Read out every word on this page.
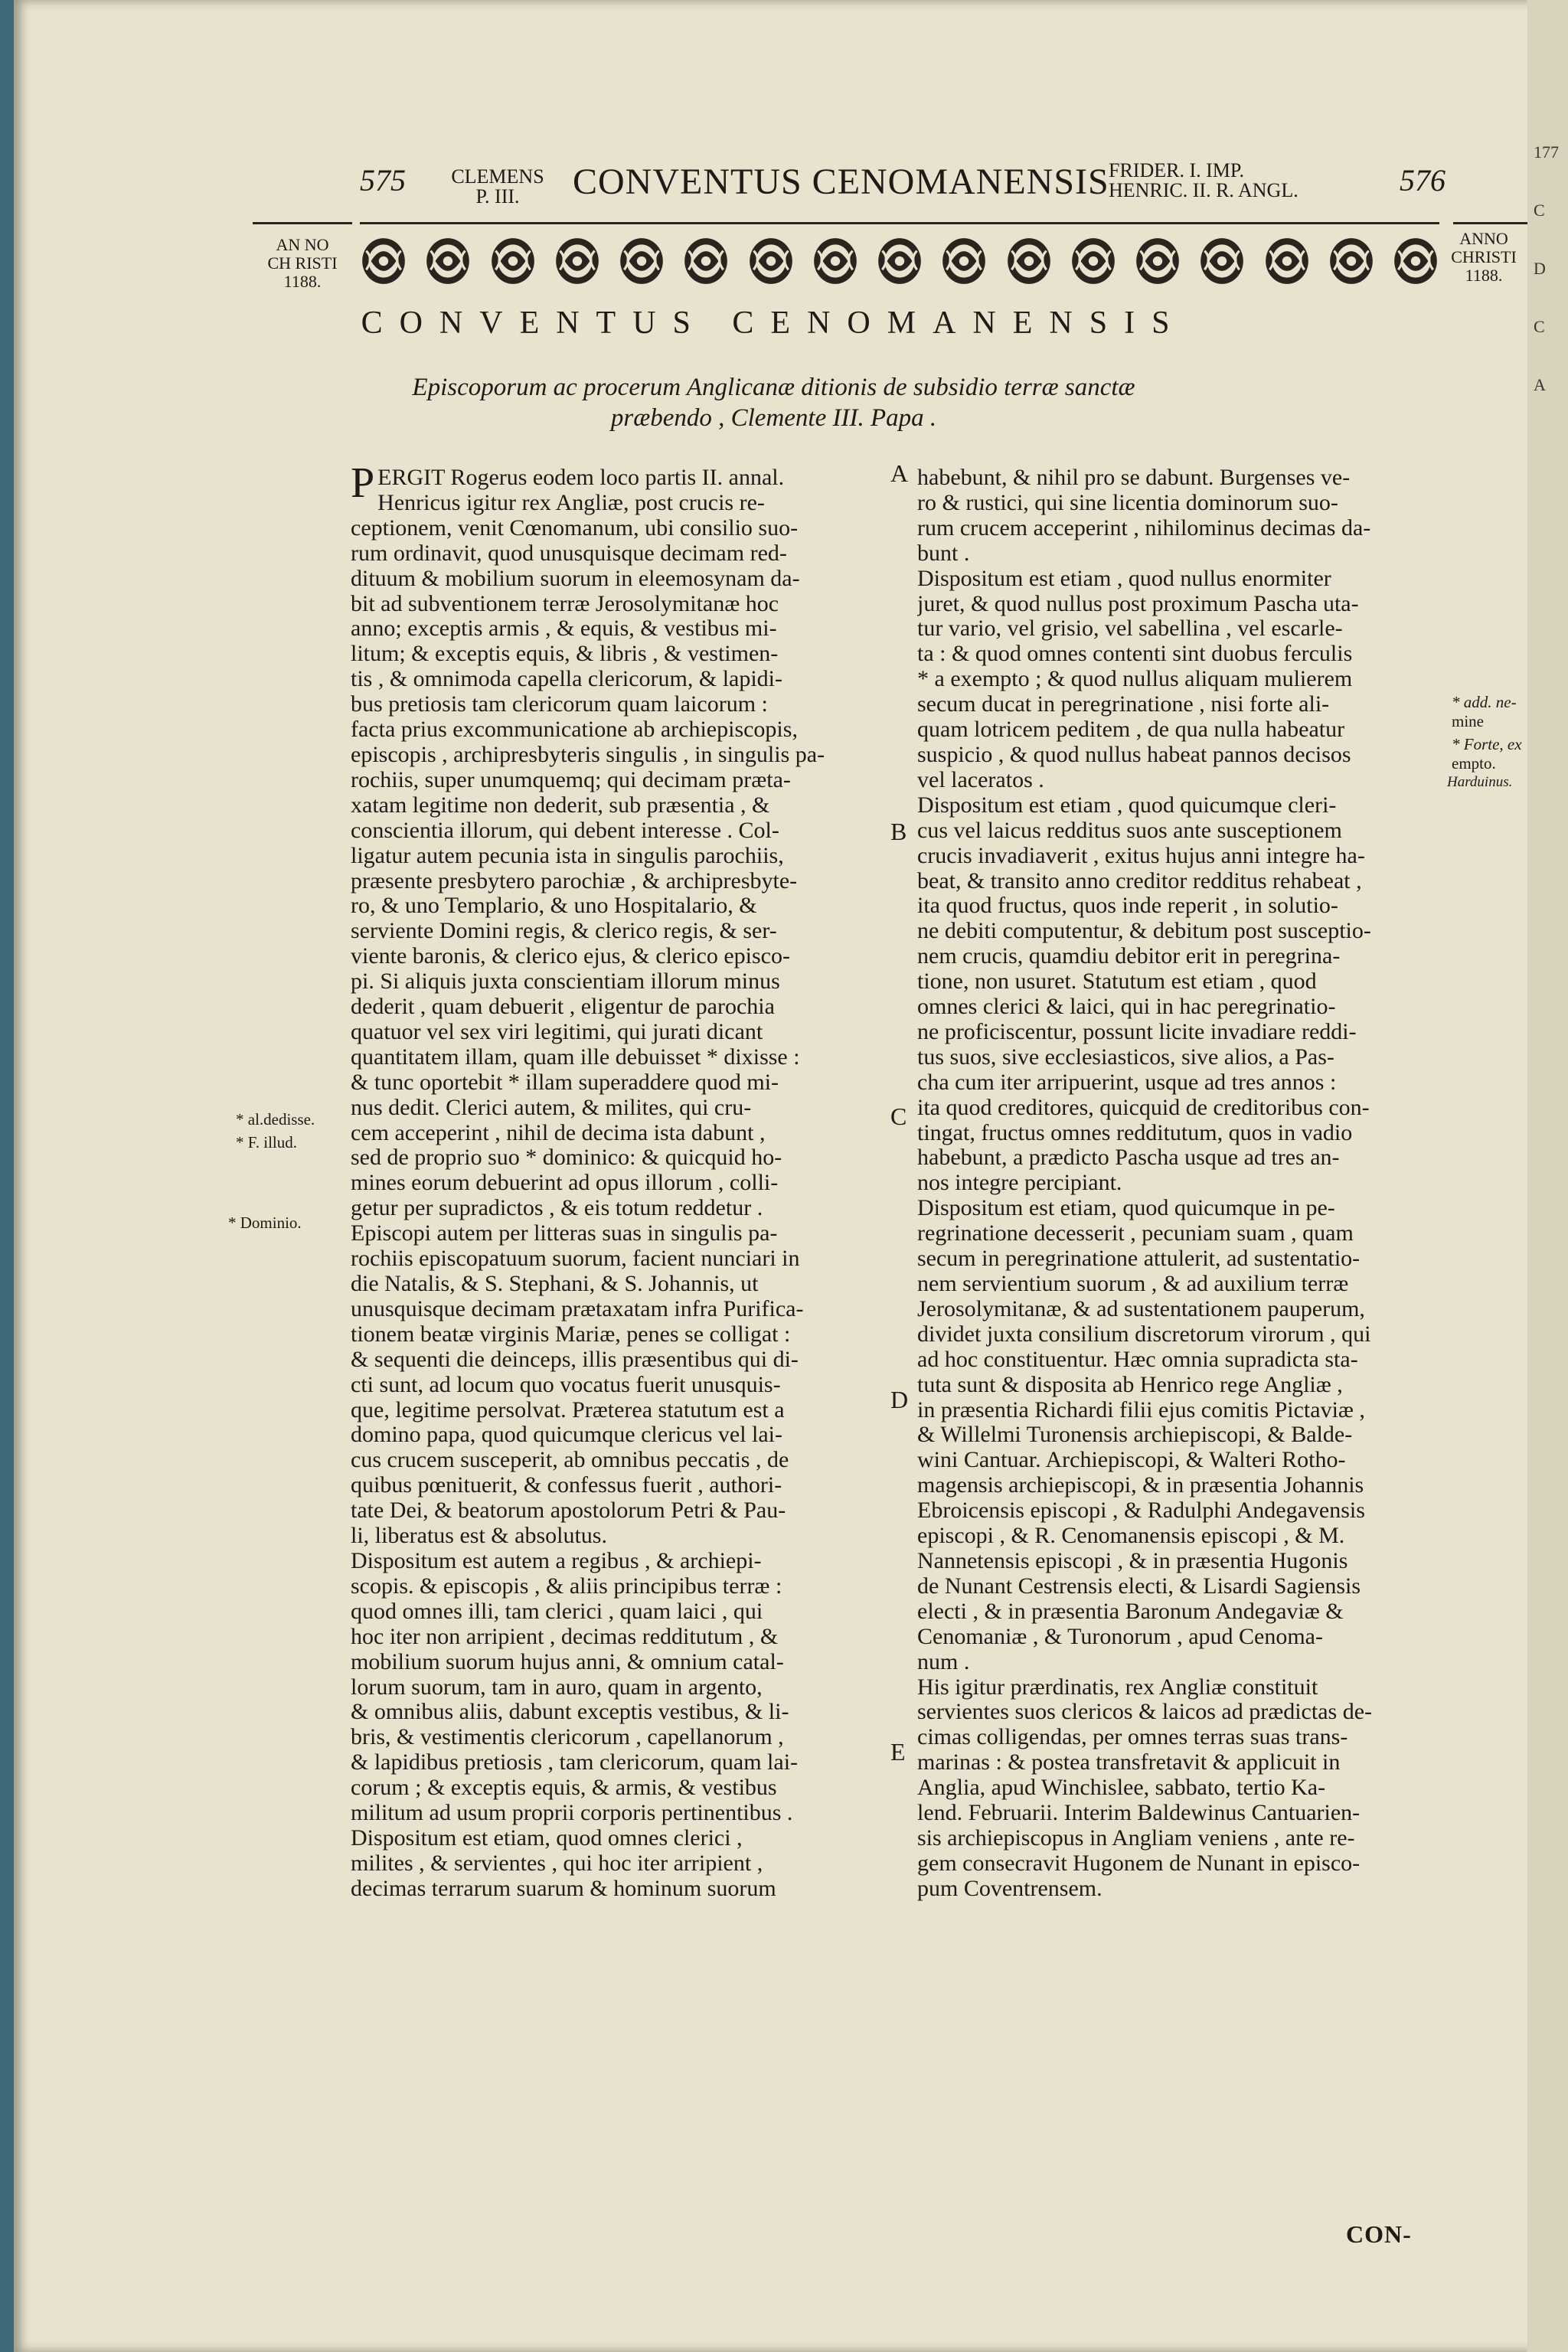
575	CLEMENS
P. III.	CONVENTUS CENOMANENSIS FRIDER. I. IMP.
HENRIC. II. R. ANGL.	576
AN NO
CH RISTI
1188.
ANNO
CHRISTI
1188.
CONVENTUS CENOMANENSIS
Episcoporum ac procerum Anglicanæ ditionis de subsidio terræ sanctæ
præbendo , Clemente III. Papa .
P ERGIT Rogerus eodem loco partis II. annal.
Henricus igitur rex Angliæ, post crucis re-
ceptionem, venit Cœnomanum, ubi consilio suo-
rum ordinavit, quod unusquisque decimam red-
dituum & mobilium suorum in eleemosynam da-
bit ad subventionem terræ Jerosolymitanæ hoc
anno; exceptis armis , & equis, & vestibus mi-
litum; & exceptis equis, & libris , & vestimen-
tis , & omnimoda capella clericorum, & lapidi-
bus pretiosis tam clericorum quam laicorum :
facta prius excommunicatione ab archiepiscopis,
episcopis , archipresbyteris singulis , in singulis pa-
rochiis, super unumquemq; qui decimam præta-
xatam legitime non dederit, sub præsentia , &
conscientia illorum, qui debent interesse . Col-
ligatur autem pecunia ista in singulis parochiis,
præsente presbytero parochiæ , & archipresbyte-
ro, & uno Templario, & uno Hospitalario, &
serviente Domini regis, & clerico regis, & ser-
viente baronis, & clerico ejus, & clerico episco-
pi. Si aliquis juxta conscientiam illorum minus
dederit , quam debuerit , eligentur de parochia
quatuor vel sex viri legitimi, qui jurati dicant
quantitatem illam, quam ille debuisset * dixisse :
& tunc oportebit * illam superaddere quod mi-
nus dedit. Clerici autem, & milites, qui cru-
cem acceperint , nihil de decima ista dabunt ,
sed de proprio suo * dominico: & quicquid ho-
mines eorum debuerint ad opus illorum , colli-
getur per supradictos , & eis totum reddetur .
Episcopi autem per litteras suas in singulis pa-
rochiis episcopatuum suorum, facient nunciari in
die Natalis, & S. Stephani, & S. Johannis, ut
unusquisque decimam prætaxatam infra Purifica-
tionem beatæ virginis Mariæ, penes se colligat :
& sequenti die deinceps, illis præsentibus qui di-
cti sunt, ad locum quo vocatus fuerit unusquis-
que, legitime persolvat. Præterea statutum est a
domino papa, quod quicumque clericus vel lai-
cus crucem susceperit, ab omnibus peccatis , de
quibus pœnituerit, & confessus fuerit , authori-
tate Dei, & beatorum apostolorum Petri & Pau-
li, liberatus est & absolutus.
Dispositum est autem a regibus , & archiepi-
scopis. & episcopis , & aliis principibus terræ :
quod omnes illi, tam clerici , quam laici , qui
hoc iter non arripient , decimas redditutum , &
mobilium suorum hujus anni, & omnium catal-
lorum suorum, tam in auro, quam in argento,
& omnibus aliis, dabunt exceptis vestibus, & li-
bris, & vestimentis clericorum , capellanorum ,
& lapidibus pretiosis , tam clericorum, quam lai-
corum ; & exceptis equis, & armis, & vestibus
militum ad usum proprii corporis pertinentibus .
Dispositum est etiam, quod omnes clerici ,
milites , & servientes , qui hoc iter arripient ,
decimas terrarum suarum & hominum suorum
habebunt, & nihil pro se dabunt. Burgenses ve-
ro & rustici, qui sine licentia dominorum suo-
rum crucem acceperint , nihilominus decimas da-
bunt .
Dispositum est etiam , quod nullus enormiter
juret, & quod nullus post proximum Pascha uta-
tur vario, vel grisio, vel sabellina , vel escarle-
ta : & quod omnes contenti sint duobus ferculis
* a exempto ; & quod nullus aliquam mulierem
secum ducat in peregrinatione , nisi forte ali-
quam lotricem peditem , de qua nulla habeatur
suspicio , & quod nullus habeat pannos decisos
vel laceratos .
Dispositum est etiam , quod quicumque cleri-
cus vel laicus redditus suos ante susceptionem
crucis invadiaverit , exitus hujus anni integre ha-
beat, & transito anno creditor redditus rehabeat ,
ita quod fructus, quos inde reperit , in solutio-
ne debiti computentur, & debitum post susceptio-
nem crucis, quamdiu debitor erit in peregrina-
tione, non usuret. Statutum est etiam , quod
omnes clerici & laici, qui in hac peregrinatio-
ne proficiscentur, possunt licite invadiare reddi-
tus suos, sive ecclesiasticos, sive alios, a Pas-
cha cum iter arripuerint, usque ad tres annos :
ita quod creditores, quicquid de creditoribus con-
tingat, fructus omnes redditutum, quos in vadio
habebunt, a prædicto Pascha usque ad tres an-
nos integre percipiant.
Dispositum est etiam, quod quicumque in pe-
regrinatione decesserit , pecuniam suam , quam
secum in peregrinatione attulerit, ad sustentatio-
nem servientium suorum , & ad auxilium terræ
Jerosolymitanæ, & ad sustentationem pauperum,
dividet juxta consilium discretorum virorum , qui
ad hoc constituentur. Hæc omnia supradicta sta-
tuta sunt & disposita ab Henrico rege Angliæ ,
in præsentia Richardi filii ejus comitis Pictaviæ ,
& Willelmi Turonensis archiepiscopi, & Balde-
wini Cantuar. Archiepiscopi, & Walteri Rotho-
magensis archiepiscopi, & in præsentia Johannis
Ebroicensis episcopi , & Radulphi Andegavensis
episcopi , & R. Cenomanensis episcopi , & M.
Nannetensis episcopi , & in præsentia Hugonis
de Nunant Cestrensis electi, & Lisardi Sagiensis
electi , & in præsentia Baronum Andegaviæ &
Cenomaniæ , & Turonorum , apud Cenoma-
num .
His igitur prærdinatis, rex Angliæ constituit
servientes suos clericos & laicos ad prædictas de-
cimas colligendas, per omnes terras suas trans-
marinas : & postea transfretavit & applicuit in
Anglia, apud Winchislee, sabbato, tertio Ka-
lend. Februarii. Interim Baldewinus Cantuarien-
sis archiepiscopus in Angliam veniens , ante re-
gem consecravit Hugonem de Nunant in episco-
pum Coventrensem.
A
B
C
D
E
* al.dedisse.
* F. illud.
* Dominio.
* add. ne-
mine
* Forte, ex
empto.
Harduinus.
CON-
177

C

D

C

A
